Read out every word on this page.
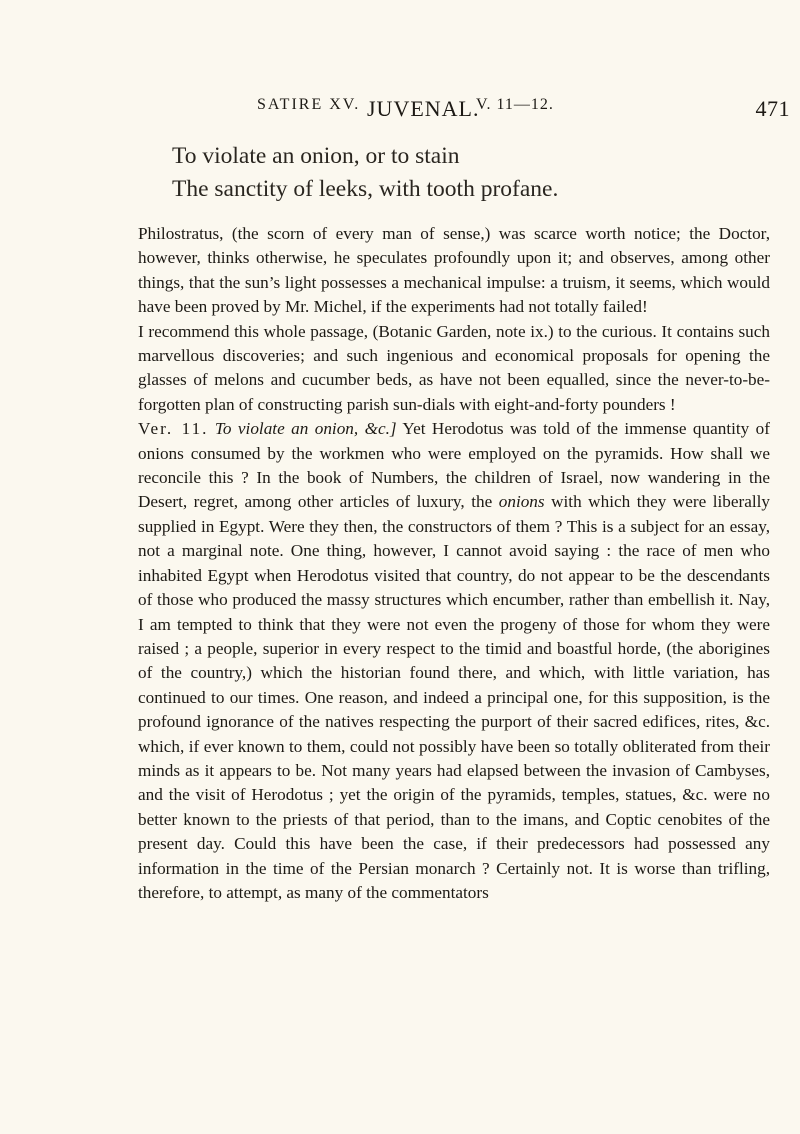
SATIRE XV. JUVENAL.
V. 11—12.	471
To violate an onion, or to stain
The sanctity of leeks, with tooth profane.

Philostratus, (the scorn of every man of sense,) was scarce worth notice; the Doctor, however, thinks otherwise, he speculates profoundly upon it; and observes, among other things, that the sun’s light possesses a mechanical impulse: a truism, it seems, which would have been proved by Mr. Michel, if the experiments had not totally failed!

I recommend this whole passage, (Botanic Garden, note ix.) to the curious. It contains such marvellous discoveries; and such ingenious and economical proposals for opening the glasses of melons and cucumber beds, as have not been equalled, since the never-to-be-forgotten plan of constructing parish sun-dials with eight-and-forty pounders !

Ver. 11. To violate an onion, &c.] Yet Herodotus was told of the immense quantity of onions consumed by the workmen who were employed on the pyramids. How shall we reconcile this ? In the book of Numbers, the children of Israel, now wandering in the Desert, regret, among other articles of luxury, the onions with which they were liberally supplied in Egypt. Were they then, the constructors of them ? This is a subject for an essay, not a marginal note. One thing, however, I cannot avoid saying : the race of men who inhabited Egypt when Herodotus visited that country, do not appear to be the descendants of those who produced the massy structures which encumber, rather than embellish it. Nay, I am tempted to think that they were not even the progeny of those for whom they were raised ; a people, superior in every respect to the timid and boastful horde, (the aborigines of the country,) which the historian found there, and which, with little variation, has continued to our times. One reason, and indeed a principal one, for this supposition, is the profound ignorance of the natives respecting the purport of their sacred edifices, rites, &c. which, if ever known to them, could not possibly have been so totally obliterated from their minds as it appears to be. Not many years had elapsed between the invasion of Cambyses, and the visit of Herodotus ; yet the origin of the pyramids, temples, statues, &c. were no better known to the priests of that period, than to the imans, and Coptic cenobites of the present day. Could this have been the case, if their predecessors had possessed any information in the time of the Persian monarch ? Certainly not. It is worse than trifling, therefore, to attempt, as many of the commentators
